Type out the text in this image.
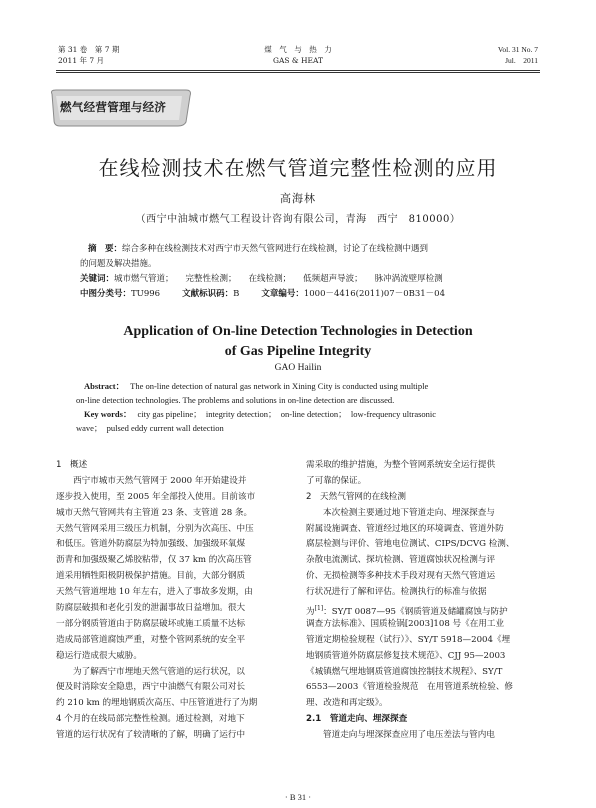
第 31 卷　第 7 期
2011 年 7 月
煤　气　与　热　力
GAS & HEAT
Vol. 31 No. 7
Jul.　2011
燃气经营管理与经济
在线检测技术在燃气管道完整性检测的应用
高海林
（西宁中油城市燃气工程设计咨询有限公司，青海　西宁　810000）
摘　要：综合多种在线检测技术对西宁市天然气管网进行在线检测，讨论了在线检测中遇到
的问题及解决措施。
关键词：城市燃气管道； 完整性检测； 在线检测； 低频超声导波； 脉冲涡流壁厚检测
中图分类号：TU996	文献标识码：B	文章编号：1000－4416(2011)07－0B31－04
Application of On-line Detection Technologies in Detection
of Gas Pipeline Integrity
GAO Hailin
Abstract： The on-line detection of natural gas network in Xining City is conducted using multiple
on-line detection technologies. The problems and solutions in on-line detection are discussed.
Key words： city gas pipeline；　integrity detection；　on-line detection；　low-frequency ultrasonic
wave；　pulsed eddy current wall detection
1　概述
西宁市城市天然气管网于 2000 年开始建设并
逐步投入使用，至 2005 年全部投入使用。目前该市
城市天然气管网共有主管道 23 条、支管道 28 条。
天然气管网采用三级压力机制，分别为次高压、中压
和低压。管道外防腐层为特加强级、加强级环氧煤
沥青和加强级聚乙烯胶粘带，仅 37 km 的次高压管
道采用牺牲阳极阴极保护措施。目前，大部分钢质
天然气管道埋地 10 年左右，进入了事故多发期，由
防腐层破损和老化引发的泄漏事故日益增加。很大
一部分钢质管道由于防腐层破坏或施工质量不达标
造成局部管道腐蚀严重，对整个管网系统的安全平
稳运行造成很大威胁。
为了解西宁市埋地天然气管道的运行状况，以
便及时消除安全隐患，西宁中油燃气有限公司对长
约 210 km 的埋地钢质次高压、中压管道进行了为期
4 个月的在线局部完整性检测。通过检测，对地下
管道的运行状况有了较清晰的了解，明确了运行中
需采取的维护措施，为整个管网系统安全运行提供
了可靠的保证。
2　天然气管网的在线检测
本次检测主要通过地下管道走向、埋深探查与
附属设施调查、管道经过地区的环境调查、管道外防
腐层检测与评价、管地电位测试、CIPS/DCVG 检测、
杂散电流测试、探坑检测、管道腐蚀状况检测与评
价、无损检测等多种技术手段对现有天然气管道运
行状况进行了解和评估。检测执行的标准与依据
为[1]：SY/T 0087—95《钢质管道及储罐腐蚀与防护
调查方法标准》、国质检锅[2003]108 号《在用工业
管道定期检验规程（试行）》、SY/T 5918—2004《埋
地钢质管道外防腐层修复技术规范》、CJJ 95—2003
《城镇燃气埋地钢质管道腐蚀控制技术规程》、SY/T
6553—2003《管道检验规范　在用管道系统检验、修
理、改造和再定级》。
2.1　管道走向、埋深探查
管道走向与埋深探查应用了电压差法与管内电
· B 31 ·
